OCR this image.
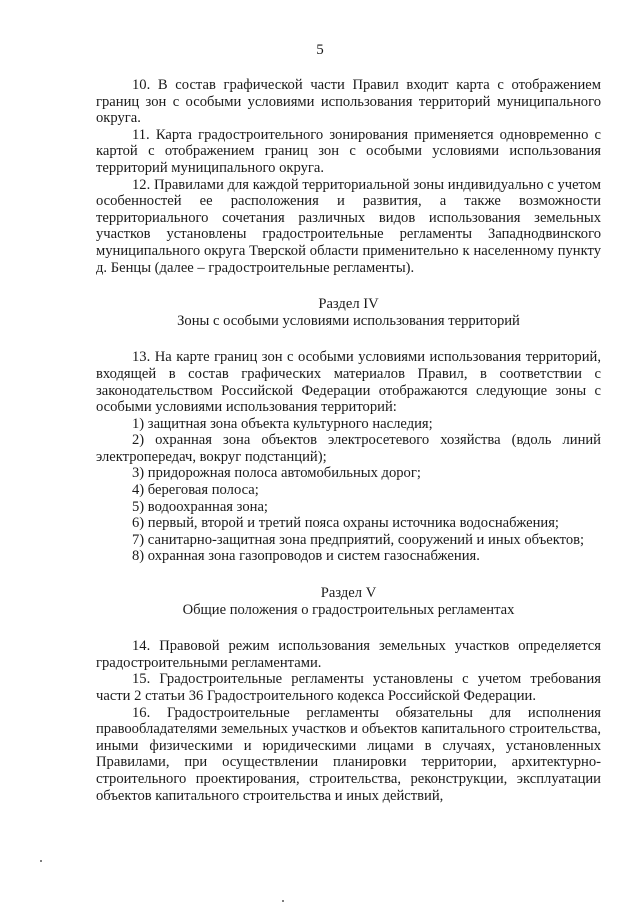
5

10. В состав графической части Правил входит карта с отображением границ зон с особыми условиями использования территорий муниципального округа.

11. Карта градостроительного зонирования применяется одновременно с картой с отображением границ зон с особыми условиями использования территорий муниципального округа.

12. Правилами для каждой территориальной зоны индивидуально с учетом особенностей ее расположения и развития, а также возможности территориального сочетания различных видов использования земельных участков установлены градостроительные регламенты Западнодвинского муниципального округа Тверской области применительно к населенному пункту д. Бенцы (далее – градостроительные регламенты).

Раздел IV

Зоны с особыми условиями использования территорий

13. На карте границ зон с особыми условиями использования территорий, входящей в состав графических материалов Правил, в соответствии с законодательством Российской Федерации отображаются следующие зоны с особыми условиями использования территорий:

1) защитная зона объекта культурного наследия;

2) охранная зона объектов электросетевого хозяйства (вдоль линий электропередач, вокруг подстанций);

3) придорожная полоса автомобильных дорог;

4) береговая полоса;

5) водоохранная зона;

6) первый, второй и третий пояса охраны источника водоснабжения;

7) санитарно-защитная зона предприятий, сооружений и иных объектов;

8) охранная зона газопроводов и систем газоснабжения.

Раздел V

Общие положения о градостроительных регламентах

14. Правовой режим использования земельных участков определяется градостроительными регламентами.

15. Градостроительные регламенты установлены с учетом требования части 2 статьи 36 Градостроительного кодекса Российской Федерации.

16. Градостроительные регламенты обязательны для исполнения правообладателями земельных участков и объектов капитального строительства, иными физическими и юридическими лицами в случаях, установленных Правилами, при осуществлении планировки территории, архитектурно-строительного проектирования, строительства, реконструкции, эксплуатации объектов капитального строительства и иных действий,
